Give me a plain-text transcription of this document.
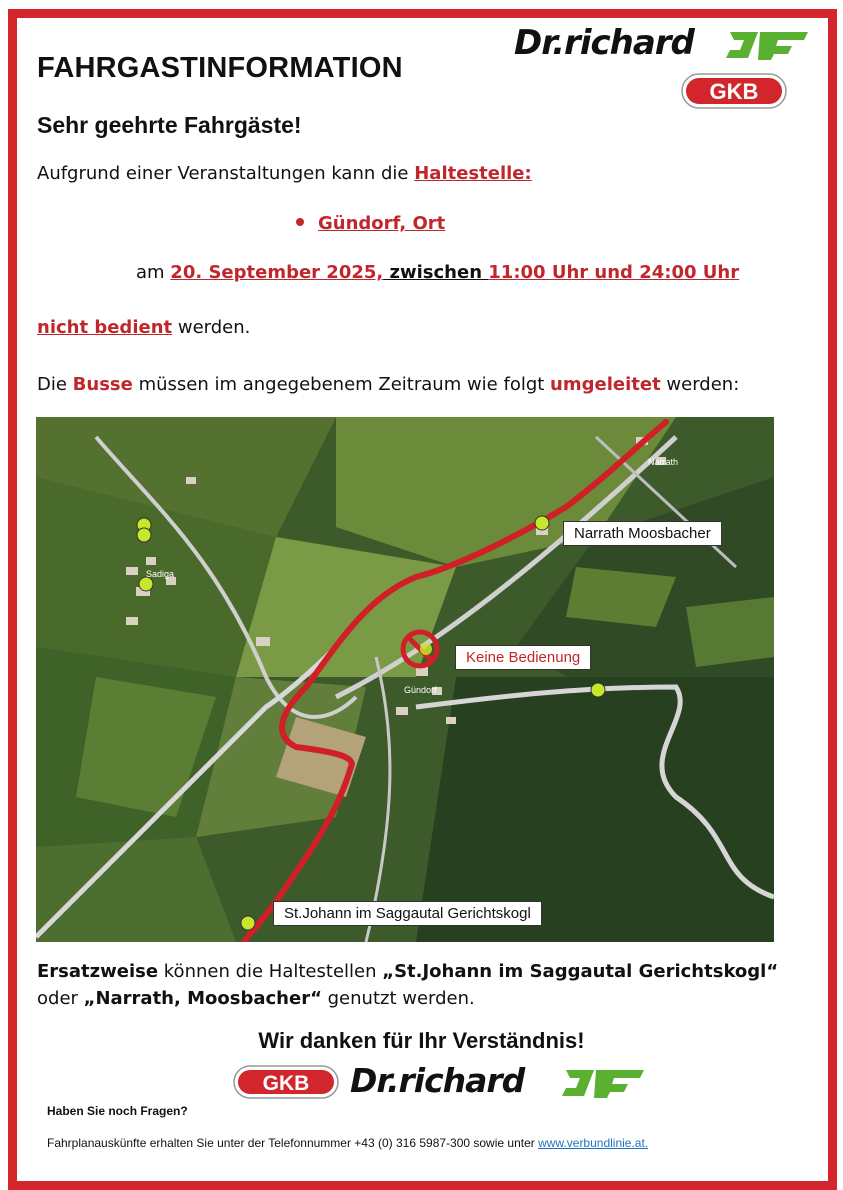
Dr.richard
GKB
FAHRGASTINFORMATION
Sehr geehrte Fahrgäste!
Aufgrund einer Veranstaltungen kann die Haltestelle:
Gündorf, Ort
am 20. September 2025, zwischen 11:00 Uhr und 24:00 Uhr
nicht bedient werden.
Die Busse müssen im angegebenem Zeitraum wie folgt umgeleitet werden:
Narrath
Gündorf
Sadiga
Narrath Moosbacher
Keine Bedienung
St.Johann im Saggautal Gerichtskogl
Ersatzweise können die Haltestellen „St.Johann im Saggautal Gerichtskogl“
oder „Narrath, Moosbacher“ genutzt werden.
Wir danken für Ihr Verständnis!
GKB Dr.richard
Haben Sie noch Fragen?
Fahrplanauskünfte erhalten Sie unter der Telefonnummer +43 (0) 316 5987-300 sowie unter www.verbundlinie.at.
